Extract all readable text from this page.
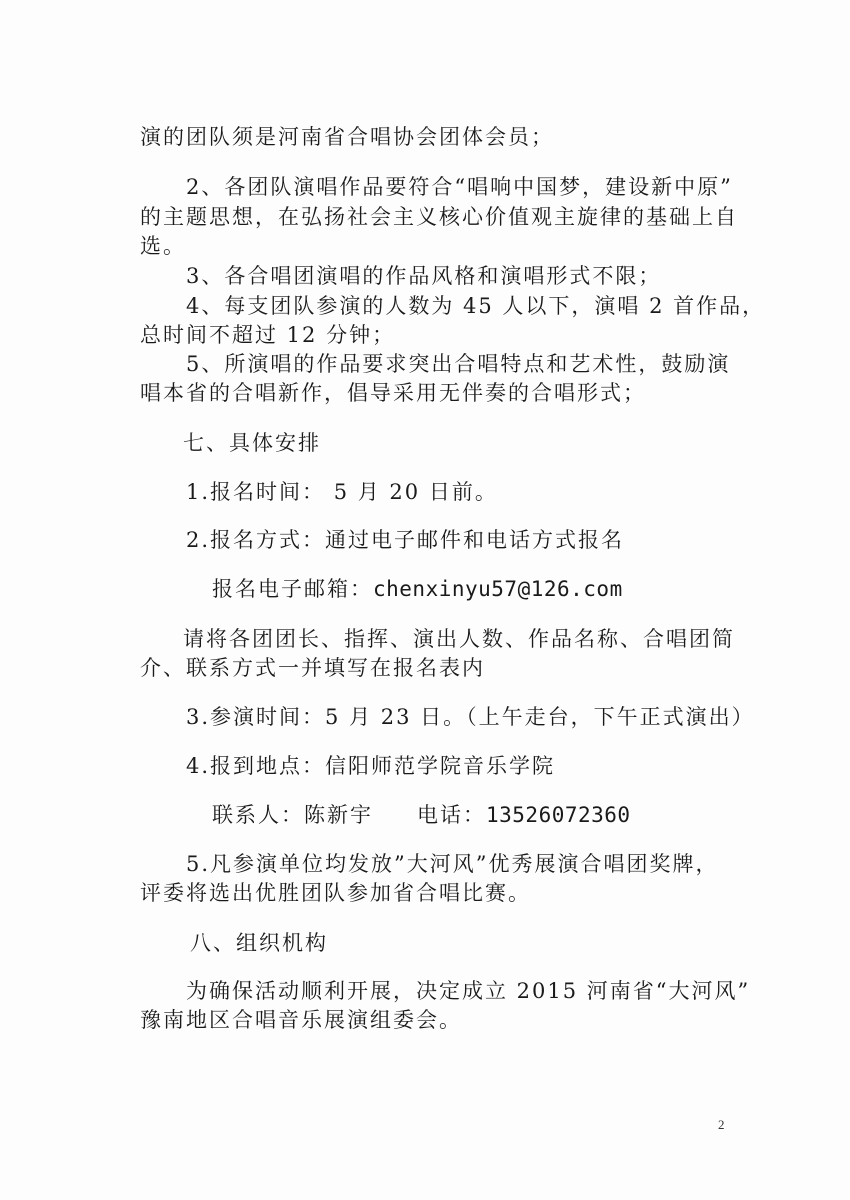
演的团队须是河南省合唱协会团体会员；
2、各团队演唱作品要符合“唱响中国梦，建设新中原”
的主题思想，在弘扬社会主义核心价值观主旋律的基础上自
选。
3、各合唱团演唱的作品风格和演唱形式不限；
4、每支团队参演的人数为 45 人以下，演唱 2 首作品，
总时间不超过 12 分钟；
5、所演唱的作品要求突出合唱特点和艺术性，鼓励演
唱本省的合唱新作，倡导采用无伴奏的合唱形式；
七、具体安排
1.报名时间： 5 月 20 日前。
2.报名方式：通过电子邮件和电话方式报名
报名电子邮箱：chenxinyu57@126.com
请将各团团长、指挥、演出人数、作品名称、合唱团简
介、联系方式一并填写在报名表内
3.参演时间：5 月 23 日。（上午走台，下午正式演出）
4.报到地点：信阳师范学院音乐学院
联系人：陈新宇 电话：13526072360
5.凡参演单位均发放”大河风”优秀展演合唱团奖牌，
评委将选出优胜团队参加省合唱比赛。
八、组织机构
为确保活动顺利开展，决定成立 2015 河南省“大河风”
豫南地区合唱音乐展演组委会。
2
